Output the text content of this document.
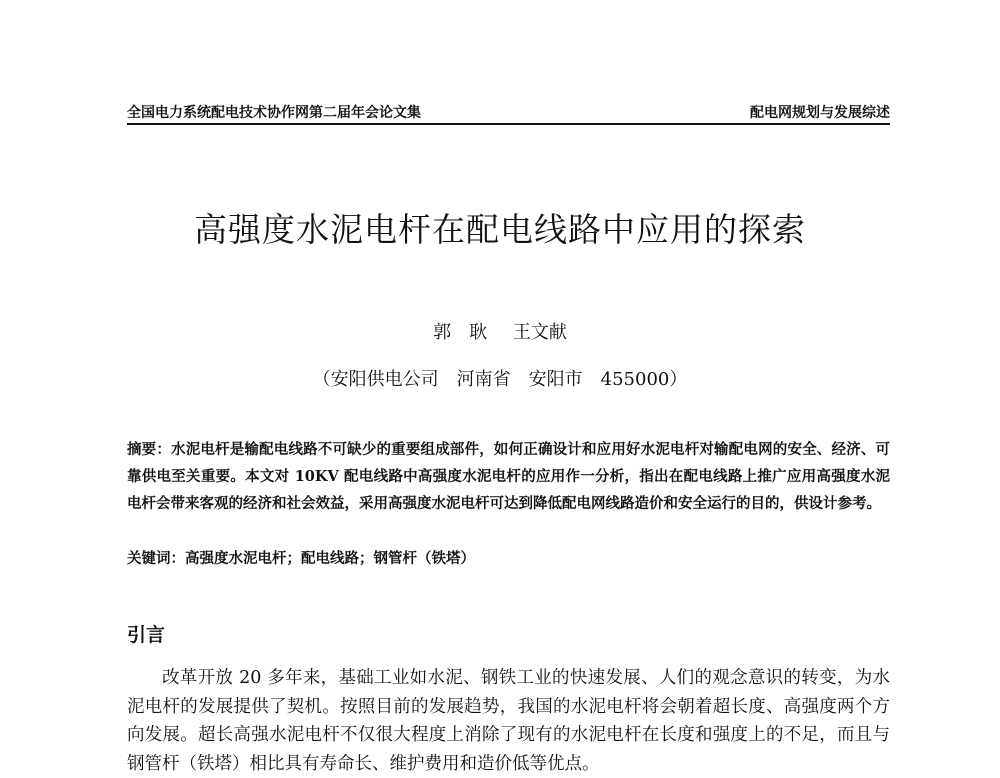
全国电力系统配电技术协作网第二届年会论文集	配电网规划与发展综述
高强度水泥电杆在配电线路中应用的探索
郭　耿 王文献
（安阳供电公司　河南省　安阳市　455000）
摘要：水泥电杆是输配电线路不可缺少的重要组成部件，如何正确设计和应用好水泥电杆对输配电网的安全、经济、可靠供电至关重要。本文对 10KV 配电线路中高强度水泥电杆的应用作一分析，指出在配电线路上推广应用高强度水泥电杆会带来客观的经济和社会效益，采用高强度水泥电杆可达到降低配电网线路造价和安全运行的目的，供设计参考。
关键词：高强度水泥电杆；配电线路；钢管杆（铁塔）
引言
改革开放 20 多年来，基础工业如水泥、钢铁工业的快速发展、人们的观念意识的转变，为水泥电杆的发展提供了契机。按照目前的发展趋势，我国的水泥电杆将会朝着超长度、高强度两个方向发展。超长高强水泥电杆不仅很大程度上消除了现有的水泥电杆在长度和强度上的不足，而且与钢管杆（铁塔）相比具有寿命长、维护费用和造价低等优点。
